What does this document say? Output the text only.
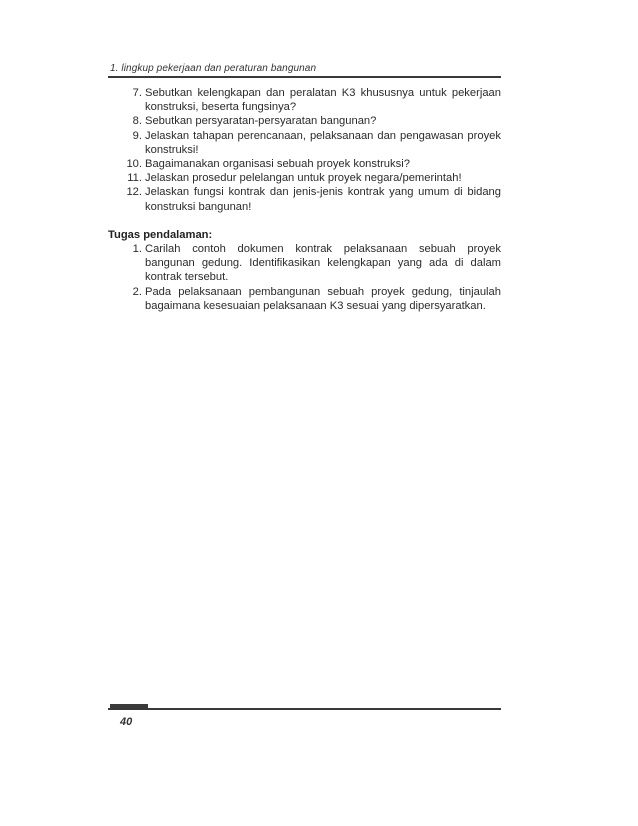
1. lingkup pekerjaan dan peraturan bangunan
7. Sebutkan kelengkapan dan peralatan K3 khususnya untuk pekerjaan konstruksi, beserta fungsinya?
8. Sebutkan persyaratan-persyaratan bangunan?
9. Jelaskan tahapan perencanaan, pelaksanaan dan pengawasan proyek konstruksi!
10. Bagaimanakan organisasi sebuah proyek konstruksi?
11. Jelaskan prosedur pelelangan untuk proyek negara/pemerintah!
12. Jelaskan fungsi kontrak dan jenis-jenis kontrak yang umum di bidang konstruksi bangunan!
Tugas pendalaman:
1. Carilah contoh dokumen kontrak pelaksanaan sebuah proyek bangunan gedung. Identifikasikan kelengkapan yang ada di dalam kontrak tersebut.
2. Pada pelaksanaan pembangunan sebuah proyek gedung, tinjaulah bagaimana kesesuaian pelaksanaan K3 sesuai yang dipersyaratkan.
40
